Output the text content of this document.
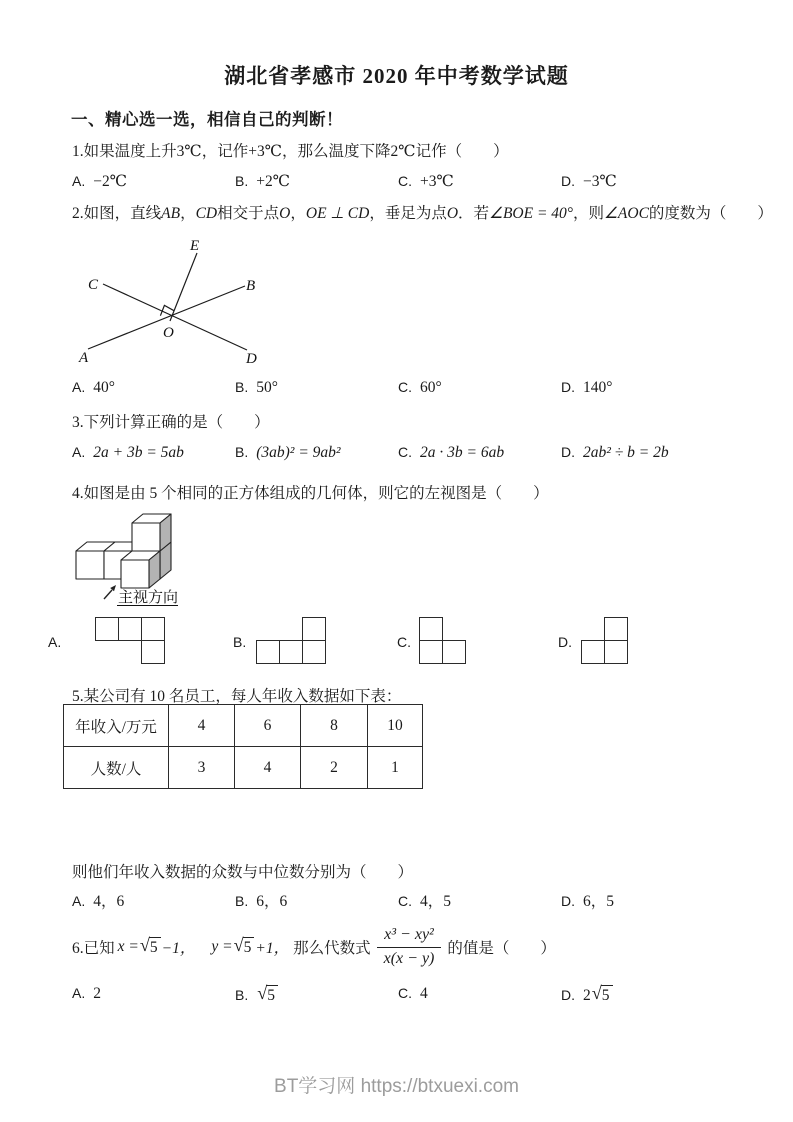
湖北省孝感市 2020 年中考数学试题
一、精心选一选，相信自己的判断！
1.如果温度上升3℃，记作+3℃，那么温度下降2℃记作（　　）
A. −2℃	B. +2℃	C. +3℃	D. −3℃
2.如图，直线AB，CD相交于点O，OE ⊥ CD，垂足为点O．若∠BOE = 40°，则∠AOC的度数为（　　）
E
C	B
O
A	D
A. 40°	B. 50°	C. 60°	D. 140°
3.下列计算正确的是（　　）
A. 2a + 3b = 5ab	B. (3ab)² = 9ab²	C. 2a · 3b = 6ab	D. 2ab² ÷ b = 2b
4.如图是由 5 个相同的正方体组成的几何体，则它的左视图是（　　）
主视方向
A.	B.	C.	D.
5.某公司有 10 名员工，每人年收入数据如下表：
年收入/万元	4	6	8	10
人数/人	3	4	2	1
则他们年收入数据的众数与中位数分别为（　　）
A. 4，6	B. 6，6	C. 4，5	D. 6，5
6.已知 x = √ 5 −1， y = √ 5 +1， 那么代数式 $\frac{\text{x³ − xy²}}{x(x - y)}$ 的值是（　　）
A. 2	B. √ 5	C. 4	D. 2 √ 5
BT学习网 https://btxuexi.com
